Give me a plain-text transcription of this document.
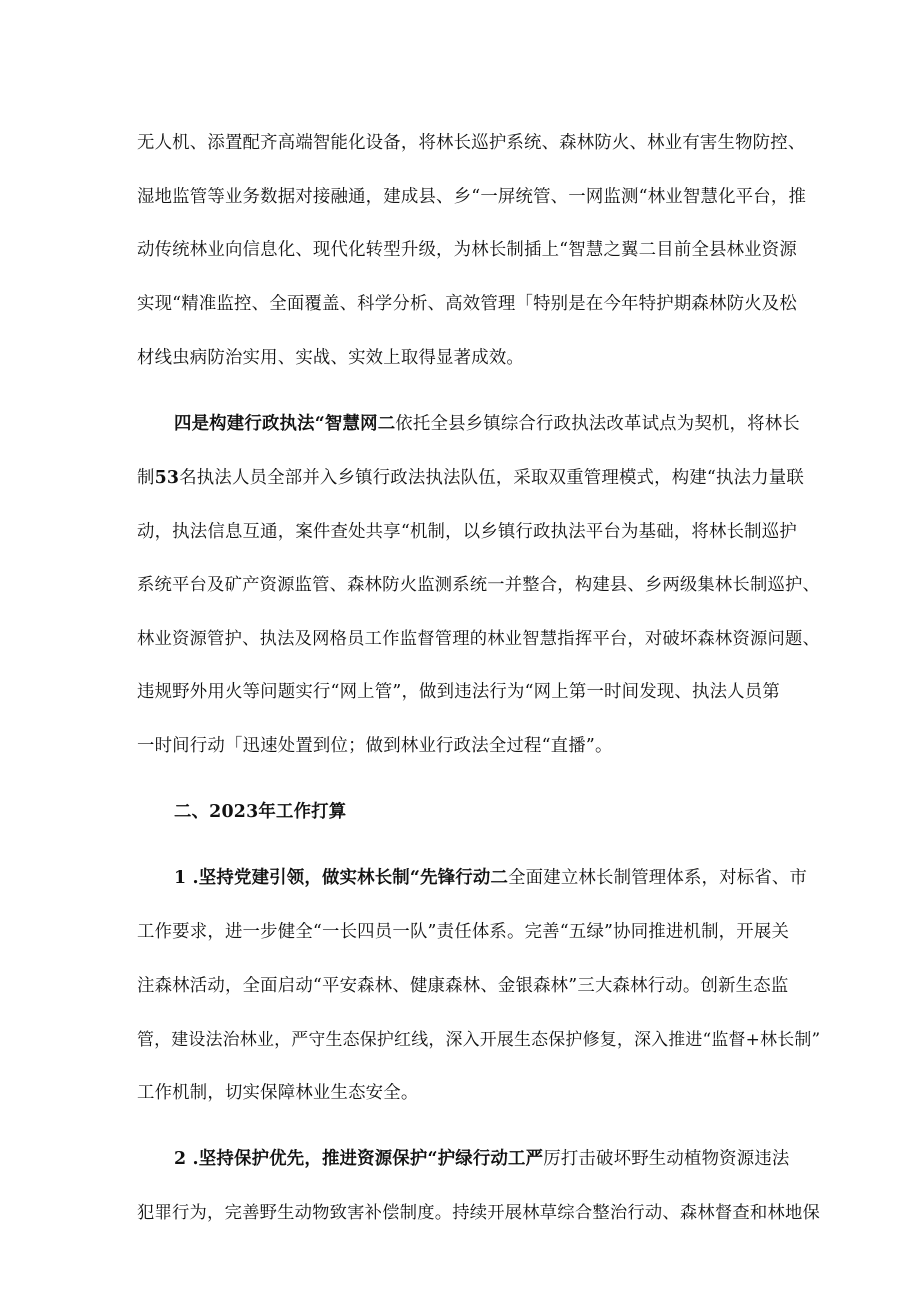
无人机、添置配齐高端智能化设备，将林长巡护系统、森林防火、林业有害生物防控、
湿地监管等业务数据对接融通，建成县、乡“一屏统管、一网监测“林业智慧化平台，推
动传统林业向信息化、现代化转型升级，为林长制插上“智慧之翼二目前全县林业资源
实现“精准监控、全面覆盖、科学分析、高效管理「特别是在今年特护期森林防火及松
材线虫病防治实用、实战、实效上取得显著成效。
四是构建行政执法“智慧网二依托全县乡镇综合行政执法改革试点为契机，将林长
制53名执法人员全部并入乡镇行政法执法队伍，采取双重管理模式，构建“执法力量联
动，执法信息互通，案件查处共享“机制，以乡镇行政执法平台为基础，将林长制巡护
系统平台及矿产资源监管、森林防火监测系统一并整合，构建县、乡两级集林长制巡护、
林业资源管护、执法及网格员工作监督管理的林业智慧指挥平台，对破坏森林资源问题、
违规野外用火等问题实行“网上管”，做到违法行为“网上第一时间发现、执法人员第
一时间行动「迅速处置到位；做到林业行政法全过程“直播”。
二、2023年工作打算
1 .坚持党建引领，做实林长制“先锋行动二全面建立林长制管理体系，对标省、市
工作要求，进一步健全“一长四员一队”责任体系。完善“五绿”协同推进机制，开展关
注森林活动，全面启动“平安森林、健康森林、金银森林”三大森林行动。创新生态监
管，建设法治林业，严守生态保护红线，深入开展生态保护修复，深入推进“监督+林长制”
工作机制，切实保障林业生态安全。
2 .坚持保护优先，推进资源保护“护绿行动工严厉打击破坏野生动植物资源违法
犯罪行为，完善野生动物致害补偿制度。持续开展林草综合整治行动、森林督查和林地保
